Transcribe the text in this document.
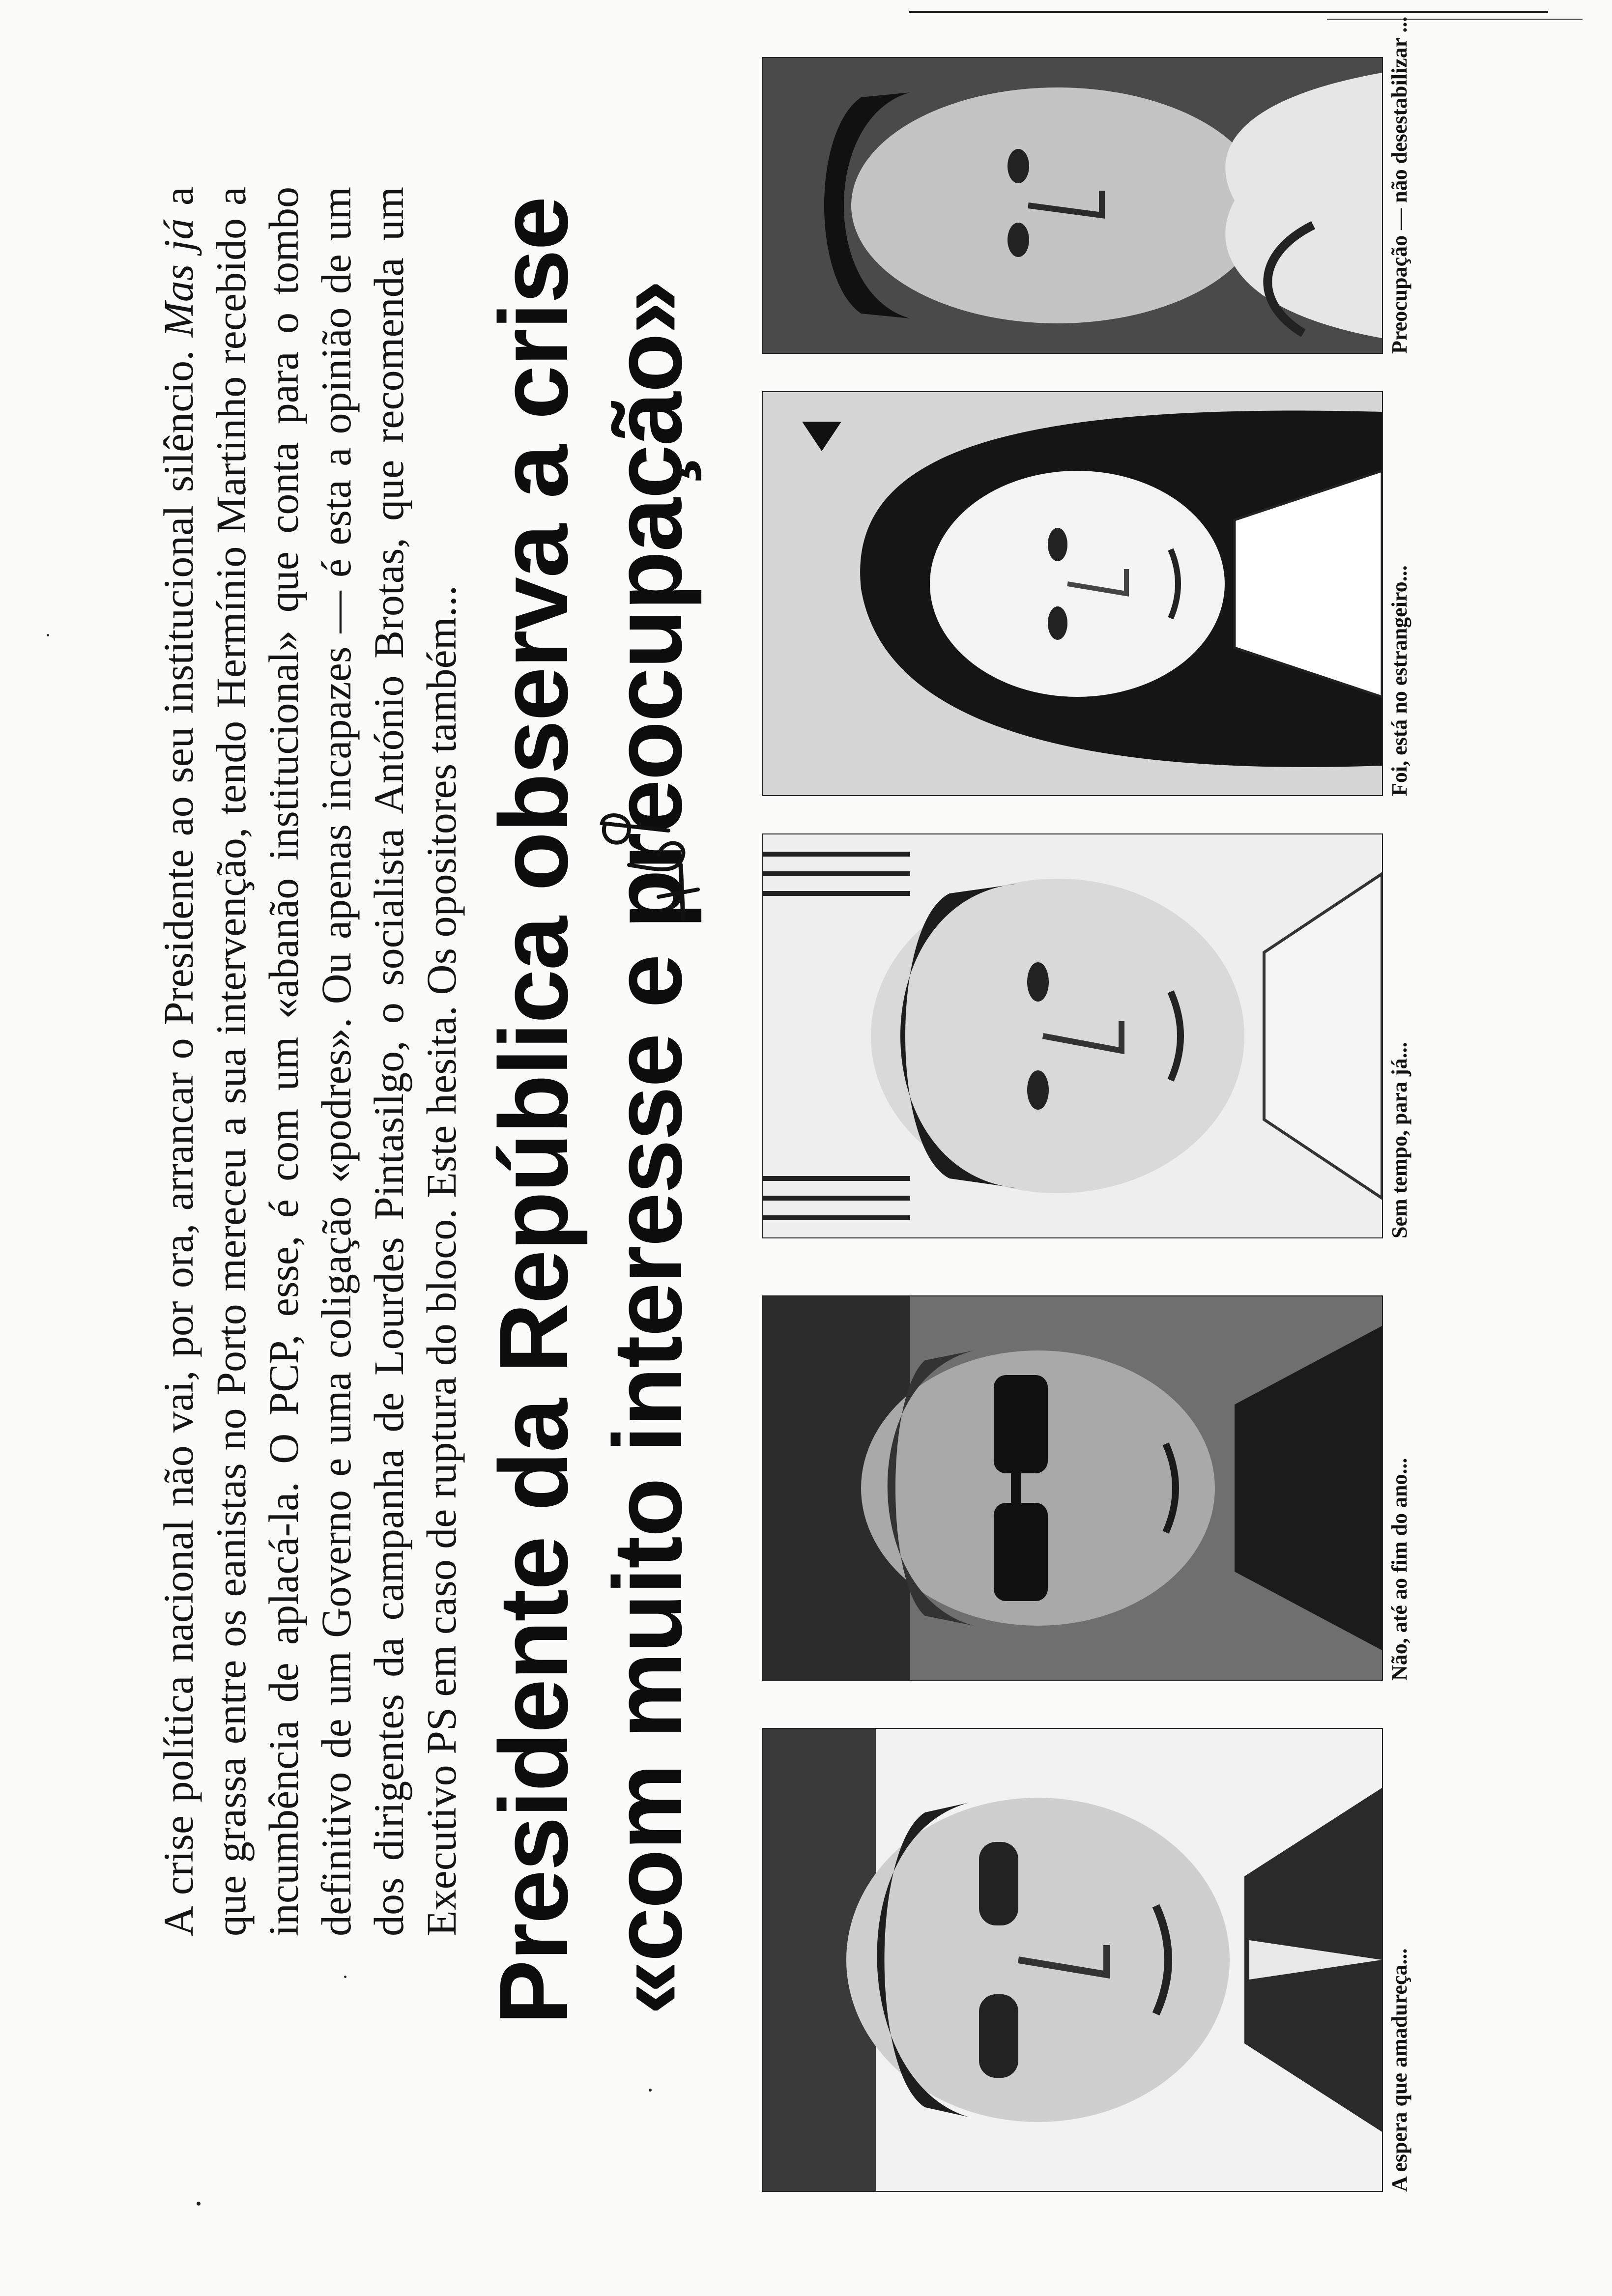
A crise política nacional não vai, por ora, arrancar o Presidente ao seu institucional silêncio. Mas já a que grassa entre os eanistas no Porto mereceu a sua intervenção, tendo Hermínio Martinho recebido a incumbência de aplacá-la. O PCP, esse, é com um «abanão institucional» que conta para o tombo definitivo de um Governo e uma coligação «podres». Ou apenas incapazes — é esta a opinião de um dos dirigentes da campanha de Lourdes Pintasilgo, o socialista António Brotas, que recomenda um Executivo PS em caso de ruptura do bloco. Este hesita. Os opositores também... Presidente da República observa a crise «com muito interesse e preocupação»

A espera que amadureça...

Não, até ao fim do ano...

Sem tempo, para já...

Foi, está no estrangeiro...

Preocupação — não desestabilizar ...
